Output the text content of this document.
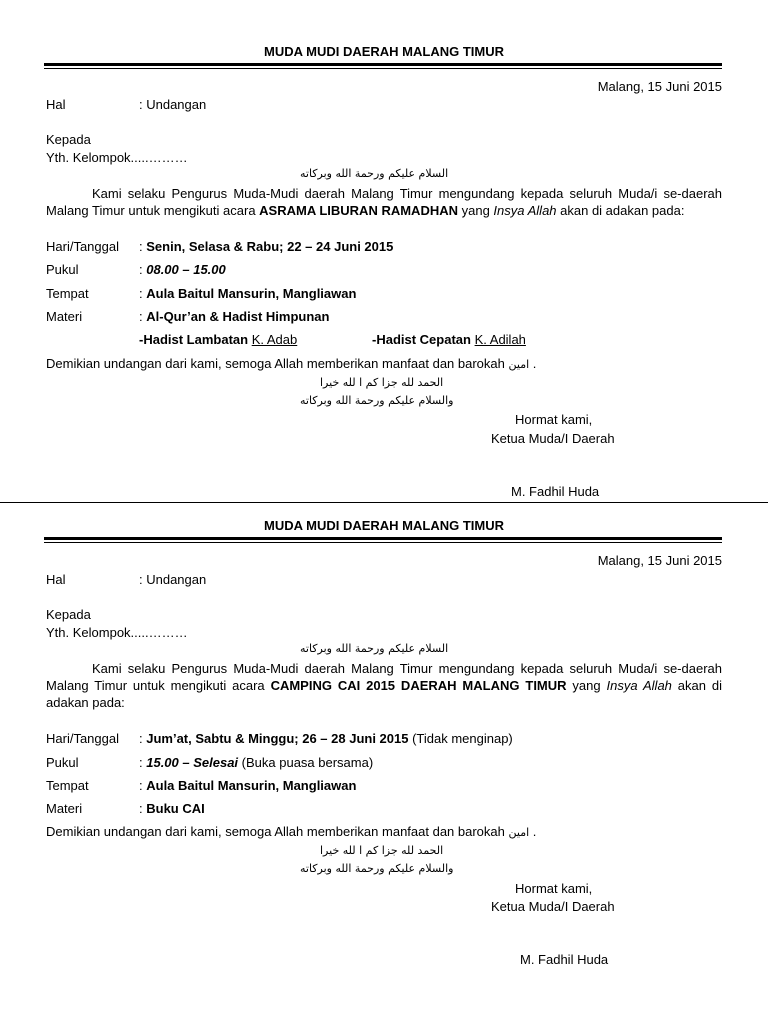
MUDA MUDI DAERAH MALANG TIMUR
Malang, 15 Juni 2015
Hal	: Undangan
Kepada
Yth. Kelompok.....………
السلام عليكم ورحمة الله وبركاته
Kami selaku Pengurus Muda-Mudi daerah Malang Timur mengundang kepada seluruh Muda/i se-daerah Malang Timur untuk mengikuti acara ASRAMA LIBURAN RAMADHAN yang Insya Allah akan di adakan pada:
Hari/Tanggal : Senin, Selasa & Rabu; 22 – 24 Juni 2015
Pukul	: 08.00 – 15.00
Tempat	: Aula Baitul Mansurin, Mangliawan
Materi	: Al-Qur’an & Hadist Himpunan
-Hadist Lambatan K. Adab	-Hadist Cepatan K. Adilah
Demikian undangan dari kami, semoga Allah memberikan manfaat dan barokah امين .
الحمد لله جزا كم ا لله خيرا
والسلام عليكم ورحمة الله وبركاته
Hormat kami,
Ketua Muda/I Daerah
M. Fadhil Huda
MUDA MUDI DAERAH MALANG TIMUR
Malang, 15 Juni 2015
Hal	: Undangan
Kepada
Yth. Kelompok.....………
السلام عليكم ورحمة الله وبركاته
Kami selaku Pengurus Muda-Mudi daerah Malang Timur mengundang kepada seluruh Muda/i se-daerah Malang Timur untuk mengikuti acara CAMPING CAI 2015 DAERAH MALANG TIMUR yang Insya Allah akan di adakan pada:
Hari/Tanggal : Jum’at, Sabtu & Minggu; 26 – 28 Juni 2015 (Tidak menginap)
Pukul	: 15.00 – Selesai (Buka puasa bersama)
Tempat	: Aula Baitul Mansurin, Mangliawan
Materi	: Buku CAI
Demikian undangan dari kami, semoga Allah memberikan manfaat dan barokah امين .
الحمد لله جزا كم ا لله خيرا
والسلام عليكم ورحمة الله وبركاته
Hormat kami,
Ketua Muda/I Daerah
M. Fadhil Huda
